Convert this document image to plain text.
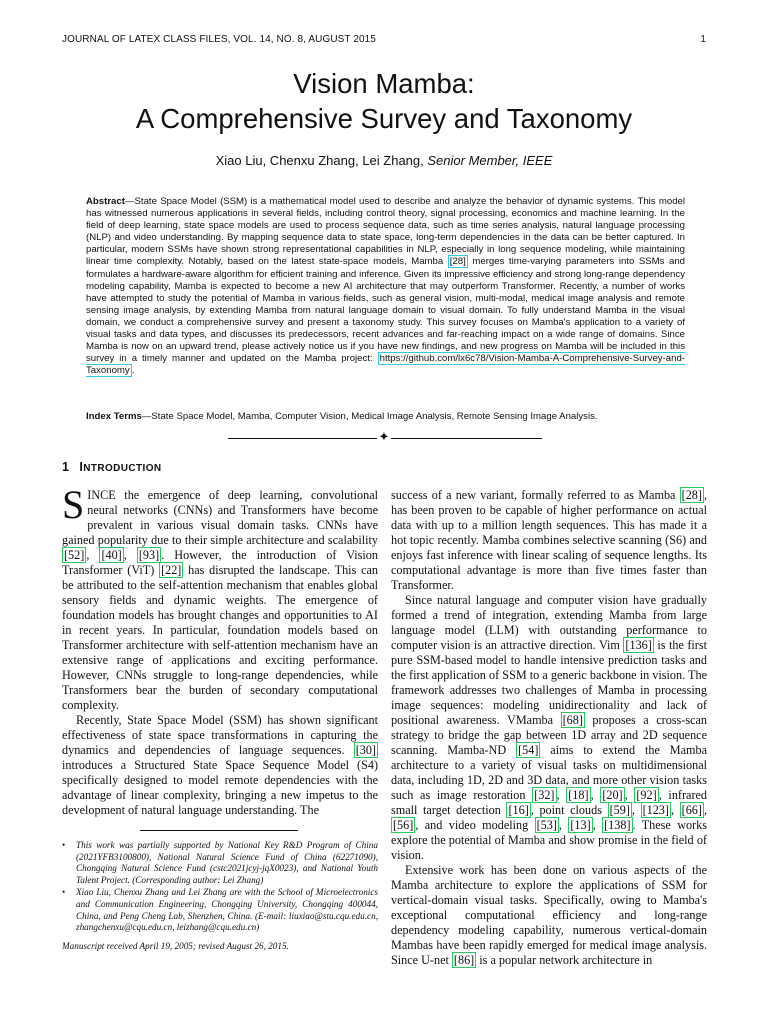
JOURNAL OF LATEX CLASS FILES, VOL. 14, NO. 8, AUGUST 2015	1
Vision Mamba:
A Comprehensive Survey and Taxonomy
Xiao Liu, Chenxu Zhang, Lei Zhang, Senior Member, IEEE
Abstract—State Space Model (SSM) is a mathematical model used to describe and analyze the behavior of dynamic systems. This model has witnessed numerous applications in several fields, including control theory, signal processing, economics and machine learning. In the field of deep learning, state space models are used to process sequence data, such as time series analysis, natural language processing (NLP) and video understanding. By mapping sequence data to state space, long-term dependencies in the data can be better captured. In particular, modern SSMs have shown strong representational capabilities in NLP, especially in long sequence modeling, while maintaining linear time complexity. Notably, based on the latest state-space models, Mamba [28] merges time-varying parameters into SSMs and formulates a hardware-aware algorithm for efficient training and inference. Given its impressive efficiency and strong long-range dependency modeling capability, Mamba is expected to become a new AI architecture that may outperform Transformer. Recently, a number of works have attempted to study the potential of Mamba in various fields, such as general vision, multi-modal, medical image analysis and remote sensing image analysis, by extending Mamba from natural language domain to visual domain. To fully understand Mamba in the visual domain, we conduct a comprehensive survey and present a taxonomy study. This survey focuses on Mamba's application to a variety of visual tasks and data types, and discusses its predecessors, recent advances and far-reaching impact on a wide range of domains. Since Mamba is now on an upward trend, please actively notice us if you have new findings, and new progress on Mamba will be included in this survey in a timely manner and updated on the Mamba project: https://github.com/lx6c78/Vision-Mamba-A-Comprehensive-Survey-and-Taxonomy .
Index Terms—State Space Model, Mamba, Computer Vision, Medical Image Analysis, Remote Sensing Image Analysis.
✦
1 INTRODUCTION

SINCE the emergence of deep learning, convolutional neural networks (CNNs) and Transformers have become prevalent in various visual domain tasks. CNNs have gained popularity due to their simple architecture and scalability [52] , [40] , [93] . However, the introduction of Vision Transformer (ViT) [22] has disrupted the landscape. This can be attributed to the self-attention mechanism that enables global sensory fields and dynamic weights. The emergence of foundation models has brought changes and opportunities to AI in recent years. In particular, foundation models based on Transformer architecture with self-attention mechanism have an extensive range of applications and exciting performance. However, CNNs struggle to long-range dependencies, while Transformers bear the burden of secondary computational complexity.

Recently, State Space Model (SSM) has shown significant effectiveness of state space transformations in capturing the dynamics and dependencies of language sequences. [30] introduces a Structured State Space Sequence Model (S4) specifically designed to model remote dependencies with the advantage of linear complexity, bringing a new impetus to the development of natural language understanding. The

success of a new variant, formally referred to as Mamba [28] , has been proven to be capable of higher performance on actual data with up to a million length sequences. This has made it a hot topic recently. Mamba combines selective scanning (S6) and enjoys fast inference with linear scaling of sequence lengths. Its computational advantage is more than five times faster than Transformer.

Since natural language and computer vision have gradually formed a trend of integration, extending Mamba from large language model (LLM) with outstanding performance to computer vision is an attractive direction. Vim [136] is the first pure SSM-based model to handle intensive prediction tasks and the first application of SSM to a generic backbone in vision. The framework addresses two challenges of Mamba in processing image sequences: modeling unidirectionality and lack of positional awareness. VMamba [68] proposes a cross-scan strategy to bridge the gap between 1D array and 2D sequence scanning. Mamba-ND [54] aims to extend the Mamba architecture to a variety of visual tasks on multidimensional data, including 1D, 2D and 3D data, and more other vision tasks such as image restoration [32] , [18] , [20] , [92] , infrared small target detection [16] , point clouds [59] , [123] , [66] , [56] , and video modeling [53] , [13] , [138] . These works explore the potential of Mamba and show promise in the field of vision.

Extensive work has been done on various aspects of the Mamba architecture to explore the applications of SSM for vertical-domain visual tasks. Specifically, owing to Mamba's exceptional computational efficiency and long-range dependency modeling capability, numerous vertical-domain Mambas have been rapidly emerged for medical image analysis. Since U-net [86] is a popular network architecture in

• This work was partially supported by National Key R&D Program of China (2021YFB3100800), National Natural Science Fund of China (62271090), Chongqing Natural Science Fund (cstc2021jcyj-jqX0023), and National Youth Talent Project. (Corresponding author: Lei Zhang)
• Xiao Liu, Chenxu Zhang and Lei Zhang are with the School of Microelectronics and Communication Engineering, Chongqing University, Chongqing 400044, China, and Peng Cheng Lab, Shenzhen, China. (E-mail: liuxiao@stu.cqu.edu.cn, zhangchenxu@cqu.edu.cn, leizhang@cqu.edu.cn)
Manuscript received April 19, 2005; revised August 26, 2015.
